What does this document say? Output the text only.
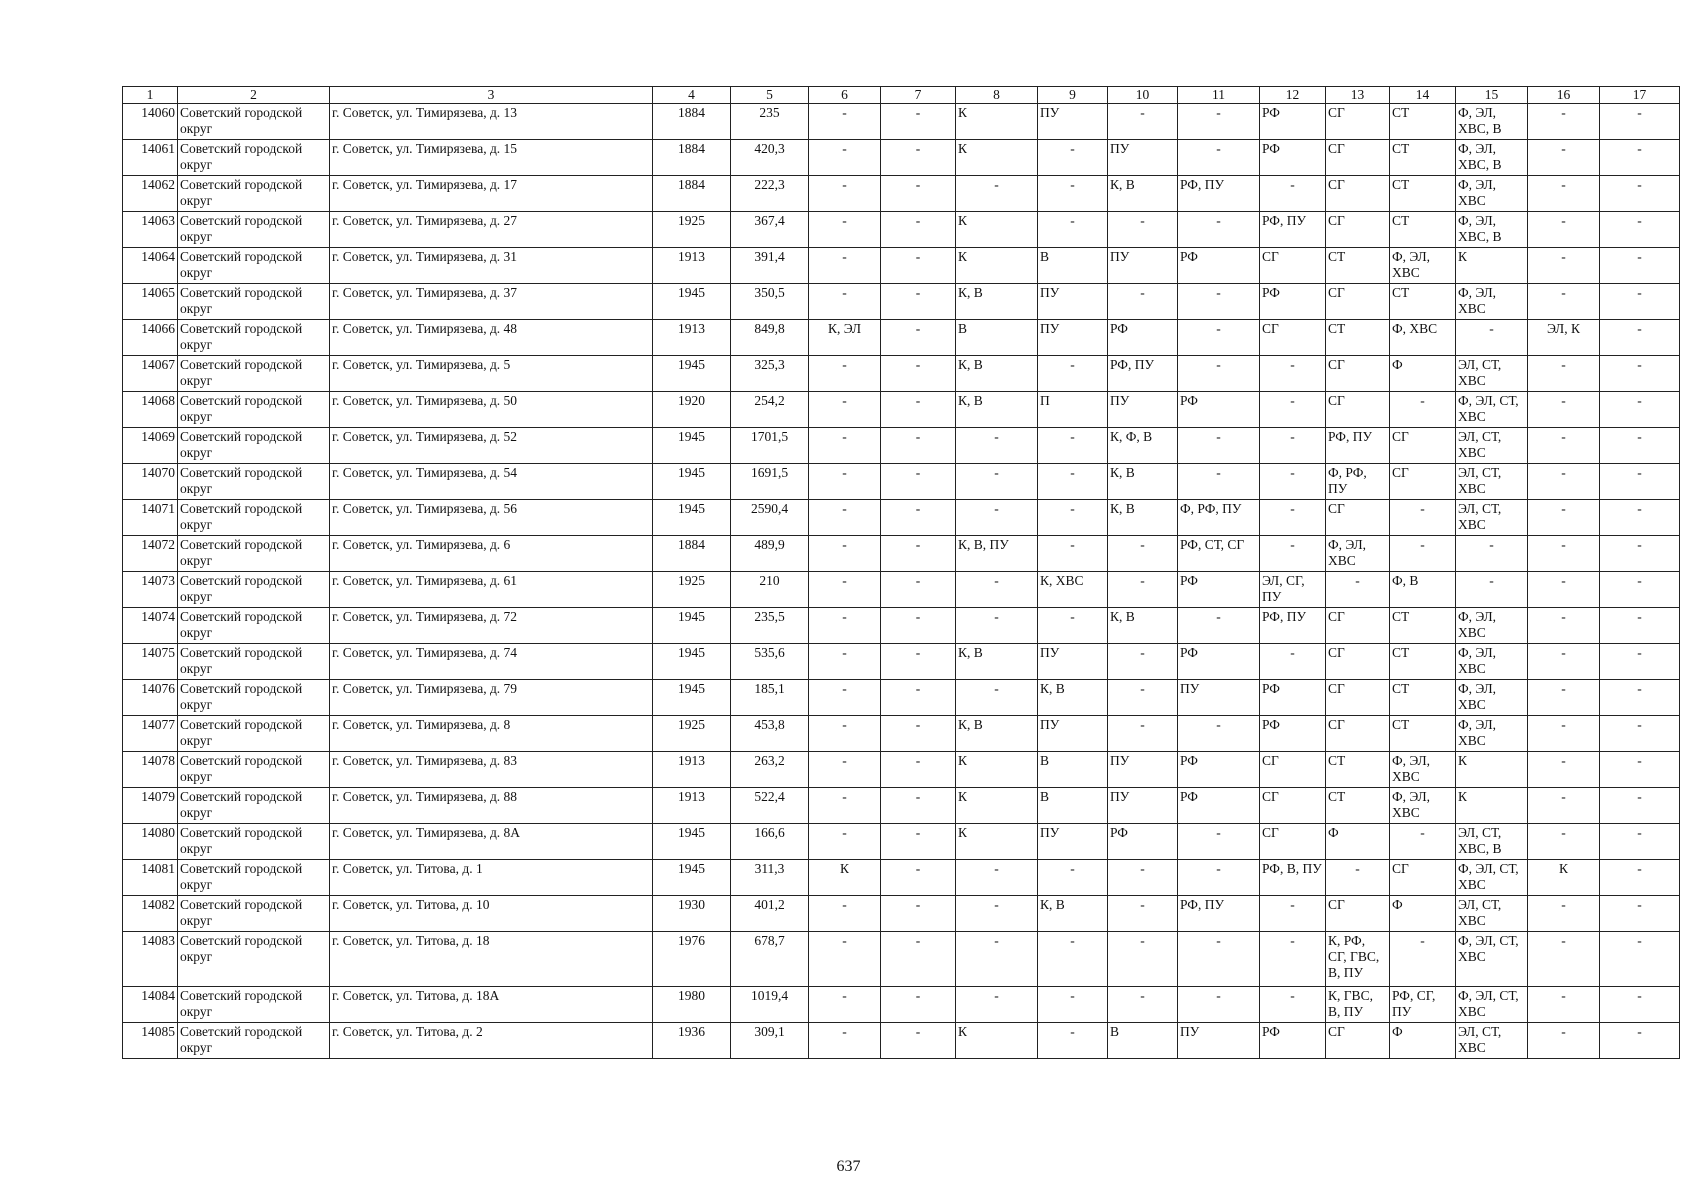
1	2	3	4	5	6	7	8	9	10	11	12	13	14	15	16	17
14060	Советский городской округ	г. Советск, ул. Тимирязева, д. 13	1884	235	-	-	К	ПУ	-	-	РФ	СГ	СТ	Ф, ЭЛ, ХВС, В	-	-
14061	Советский городской округ	г. Советск, ул. Тимирязева, д. 15	1884	420,3	-	-	К	-	ПУ	-	РФ	СГ	СТ	Ф, ЭЛ, ХВС, В	-	-
14062	Советский городской округ	г. Советск, ул. Тимирязева, д. 17	1884	222,3	-	-	-	-	К, В	РФ, ПУ	-	СГ	СТ	Ф, ЭЛ, ХВС	-	-
14063	Советский городской округ	г. Советск, ул. Тимирязева, д. 27	1925	367,4	-	-	К	-	-	-	РФ, ПУ	СГ	СТ	Ф, ЭЛ, ХВС, В	-	-
14064	Советский городской округ	г. Советск, ул. Тимирязева, д. 31	1913	391,4	-	-	К	В	ПУ	РФ	СГ	СТ	Ф, ЭЛ, ХВС	К	-	-
14065	Советский городской округ	г. Советск, ул. Тимирязева, д. 37	1945	350,5	-	-	К, В	ПУ	-	-	РФ	СГ	СТ	Ф, ЭЛ, ХВС	-	-
14066	Советский городской округ	г. Советск, ул. Тимирязева, д. 48	1913	849,8	К, ЭЛ	-	В	ПУ	РФ	-	СГ	СТ	Ф, ХВС	-	ЭЛ, К	-
14067	Советский городской округ	г. Советск, ул. Тимирязева, д. 5	1945	325,3	-	-	К, В	-	РФ, ПУ	-	-	СГ	Ф	ЭЛ, СТ, ХВС	-	-
14068	Советский городской округ	г. Советск, ул. Тимирязева, д. 50	1920	254,2	-	-	К, В	П	ПУ	РФ	-	СГ	-	Ф, ЭЛ, СТ, ХВС	-	-
14069	Советский городской округ	г. Советск, ул. Тимирязева, д. 52	1945	1701,5	-	-	-	-	К, Ф, В	-	-	РФ, ПУ	СГ	ЭЛ, СТ, ХВС	-	-
14070	Советский городской округ	г. Советск, ул. Тимирязева, д. 54	1945	1691,5	-	-	-	-	К, В	-	-	Ф, РФ, ПУ	СГ	ЭЛ, СТ, ХВС	-	-
14071	Советский городской округ	г. Советск, ул. Тимирязева, д. 56	1945	2590,4	-	-	-	-	К, В	Ф, РФ, ПУ	-	СГ	-	ЭЛ, СТ, ХВС	-	-
14072	Советский городской округ	г. Советск, ул. Тимирязева, д. 6	1884	489,9	-	-	К, В, ПУ	-	-	РФ, СТ, СГ	-	Ф, ЭЛ, ХВС	-	-	-	-
14073	Советский городской округ	г. Советск, ул. Тимирязева, д. 61	1925	210	-	-	-	К, ХВС	-	РФ	ЭЛ, СГ, ПУ	-	Ф, В	-	-	-
14074	Советский городской округ	г. Советск, ул. Тимирязева, д. 72	1945	235,5	-	-	-	-	К, В	-	РФ, ПУ	СГ	СТ	Ф, ЭЛ, ХВС	-	-
14075	Советский городской округ	г. Советск, ул. Тимирязева, д. 74	1945	535,6	-	-	К, В	ПУ	-	РФ	-	СГ	СТ	Ф, ЭЛ, ХВС	-	-
14076	Советский городской округ	г. Советск, ул. Тимирязева, д. 79	1945	185,1	-	-	-	К, В	-	ПУ	РФ	СГ	СТ	Ф, ЭЛ, ХВС	-	-
14077	Советский городской округ	г. Советск, ул. Тимирязева, д. 8	1925	453,8	-	-	К, В	ПУ	-	-	РФ	СГ	СТ	Ф, ЭЛ, ХВС	-	-
14078	Советский городской округ	г. Советск, ул. Тимирязева, д. 83	1913	263,2	-	-	К	В	ПУ	РФ	СГ	СТ	Ф, ЭЛ, ХВС	К	-	-
14079	Советский городской округ	г. Советск, ул. Тимирязева, д. 88	1913	522,4	-	-	К	В	ПУ	РФ	СГ	СТ	Ф, ЭЛ, ХВС	К	-	-
14080	Советский городской округ	г. Советск, ул. Тимирязева, д. 8А	1945	166,6	-	-	К	ПУ	РФ	-	СГ	Ф	-	ЭЛ, СТ, ХВС, В	-	-
14081	Советский городской округ	г. Советск, ул. Титова, д. 1	1945	311,3	К	-	-	-	-	-	РФ, В, ПУ	-	СГ	Ф, ЭЛ, СТ, ХВС	К	-
14082	Советский городской округ	г. Советск, ул. Титова, д. 10	1930	401,2	-	-	-	К, В	-	РФ, ПУ	-	СГ	Ф	ЭЛ, СТ, ХВС	-	-
14083	Советский городской округ	г. Советск, ул. Титова, д. 18	1976	678,7	-	-	-	-	-	-	-	К, РФ, СГ, ГВС, В, ПУ	-	Ф, ЭЛ, СТ, ХВС	-	-
14084	Советский городской округ	г. Советск, ул. Титова, д. 18А	1980	1019,4	-	-	-	-	-	-	-	К, ГВС, В, ПУ	РФ, СГ, ПУ	Ф, ЭЛ, СТ, ХВС	-	-
14085	Советский городской округ	г. Советск, ул. Титова, д. 2	1936	309,1	-	-	К	-	В	ПУ	РФ	СГ	Ф	ЭЛ, СТ, ХВС	-	-
637
